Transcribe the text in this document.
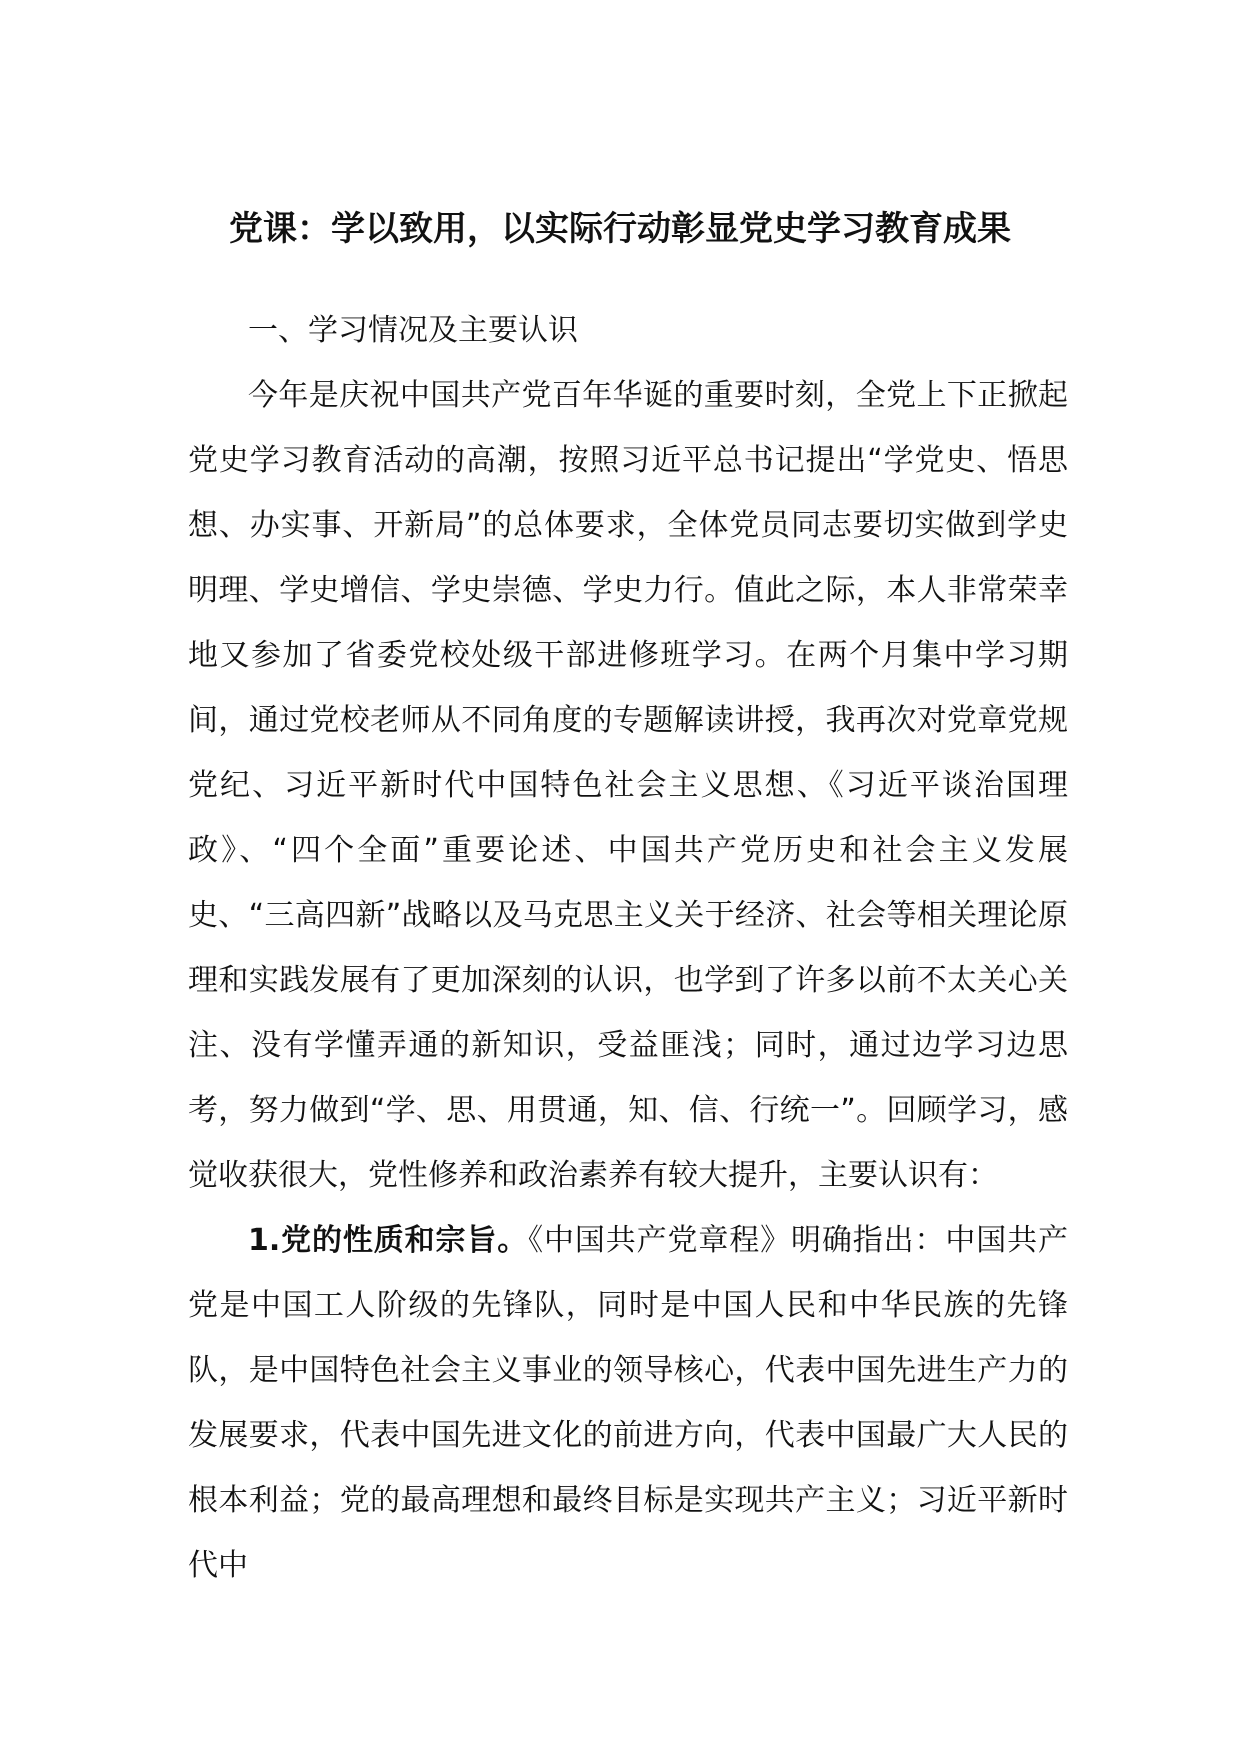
党课：学以致用，以实际行动彰显党史学习教育成果

一、学习情况及主要认识

今年是庆祝中国共产党百年华诞的重要时刻，全党上下正掀起党史学习教育活动的高潮，按照习近平总书记提出“学党史、悟思想、办实事、开新局”的总体要求，全体党员同志要切实做到学史明理、学史增信、学史崇德、学史力行。值此之际，本人非常荣幸地又参加了省委党校处级干部进修班学习。在两个月集中学习期间，通过党校老师从不同角度的专题解读讲授，我再次对党章党规党纪、习近平新时代中国特色社会主义思想、《习近平谈治国理政》、“四个全面”重要论述、中国共产党历史和社会主义发展史、“三高四新”战略以及马克思主义关于经济、社会等相关理论原理和实践发展有了更加深刻的认识，也学到了许多以前不太关心关注、没有学懂弄通的新知识，受益匪浅；同时，通过边学习边思考，努力做到“学、思、用贯通，知、信、行统一”。回顾学习，感觉收获很大，党性修养和政治素养有较大提升，主要认识有：

1.党的性质和宗旨。《中国共产党章程》明确指出：中国共产党是中国工人阶级的先锋队，同时是中国人民和中华民族的先锋队，是中国特色社会主义事业的领导核心，代表中国先进生产力的发展要求，代表中国先进文化的前进方向，代表中国最广大人民的根本利益；党的最高理想和最终目标是实现共产主义；习近平新时代中
